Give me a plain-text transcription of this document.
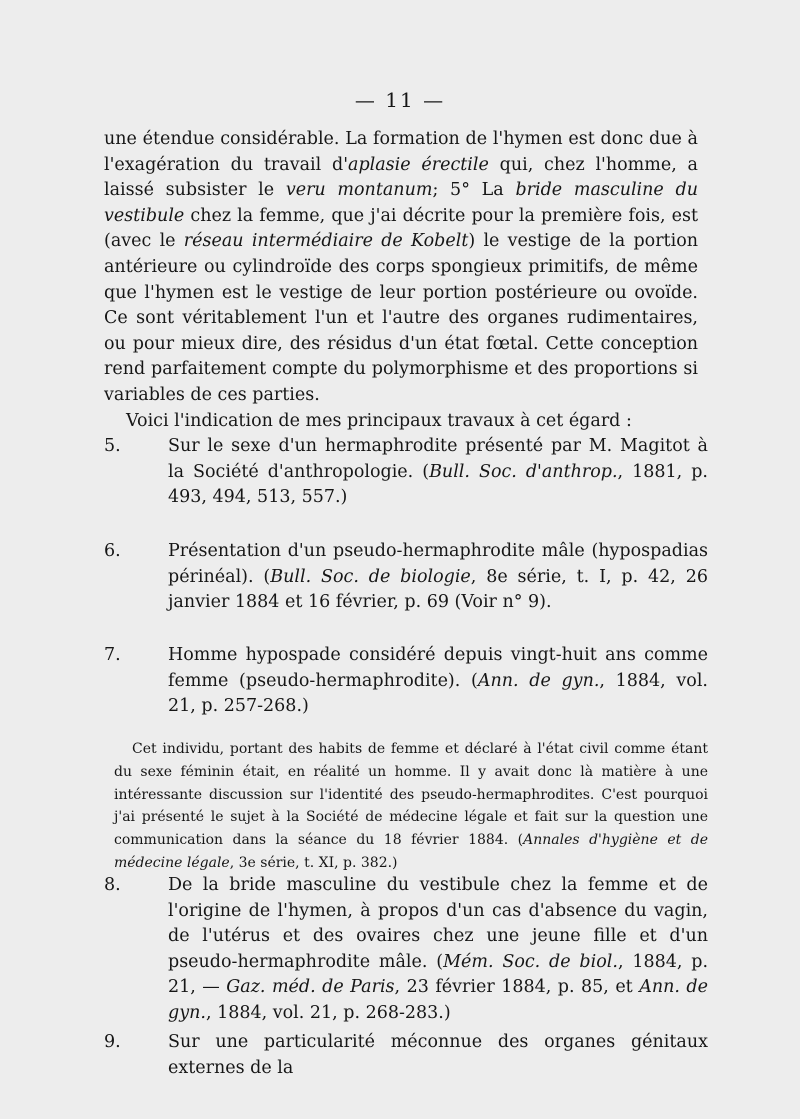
— 11 —

une étendue considérable. La formation de l'hymen est donc due à l'exagération du travail d'aplasie érectile qui, chez l'homme, a laissé subsister le veru montanum; 5° La bride masculine du vestibule chez la femme, que j'ai décrite pour la première fois, est (avec le réseau intermédiaire de Kobelt) le vestige de la portion antérieure ou cylindroïde des corps spongieux primitifs, de même que l'hymen est le vestige de leur portion postérieure ou ovoïde. Ce sont véritablement l'un et l'autre des organes rudimentaires, ou pour mieux dire, des résidus d'un état fœtal. Cette conception rend parfaitement compte du polymorphisme et des proportions si variables de ces parties.

Voici l'indication de mes principaux travaux à cet égard :

5.	Sur le sexe d'un hermaphrodite présenté par M. Magitot à la Société d'anthropologie. (Bull. Soc. d'anthrop., 1881, p. 493, 494, 513, 557.)
6.	Présentation d'un pseudo-hermaphrodite mâle (hypospadias périnéal). (Bull. Soc. de biologie, 8e série, t. I, p. 42, 26 janvier 1884 et 16 février, p. 69 (Voir n° 9).
7.	Homme hypospade considéré depuis vingt-huit ans comme femme (pseudo-hermaphrodite). (Ann. de gyn., 1884, vol. 21, p. 257-268.)

Cet individu, portant des habits de femme et déclaré à l'état civil comme étant du sexe féminin était, en réalité un homme. Il y avait donc là matière à une intéressante discussion sur l'identité des pseudo-hermaphrodites. C'est pourquoi j'ai présenté le sujet à la Société de médecine légale et fait sur la question une communication dans la séance du 18 février 1884. (Annales d'hygiène et de médecine légale, 3e série, t. XI, p. 382.)

8.	De la bride masculine du vestibule chez la femme et de l'origine de l'hymen, à propos d'un cas d'absence du vagin, de l'utérus et des ovaires chez une jeune fille et d'un pseudo-hermaphrodite mâle. (Mém. Soc. de biol., 1884, p. 21, — Gaz. méd. de Paris, 23 février 1884, p. 85, et Ann. de gyn., 1884, vol. 21, p. 268-283.)
9.	Sur une particularité méconnue des organes génitaux externes de la
